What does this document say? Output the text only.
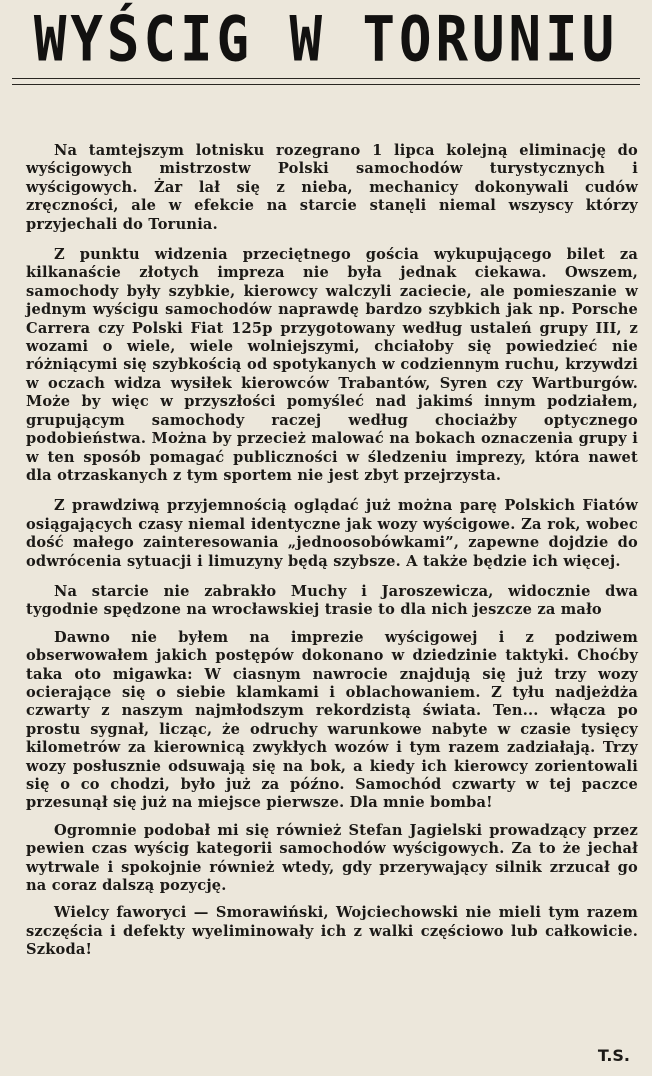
WYŚCIG W TORUNIU

Na tamtejszym lotnisku rozegrano 1 lipca kolejną eliminację do wyścigowych mistrzostw Polski samochodów turystycznych i wyścigowych. Żar lał się z nieba, mechanicy dokonywali cudów zręczności, ale w efekcie na starcie stanęli niemal wszyscy którzy przyjechali do Torunia.

Z punktu widzenia przeciętnego gościa wykupującego bilet za kilkanaście złotych impreza nie była jednak ciekawa. Owszem, samochody były szybkie, kierowcy walczyli zaciecie, ale pomieszanie w jednym wyścigu samochodów naprawdę bardzo szybkich jak np. Porsche Carrera czy Polski Fiat 125p przygotowany według ustaleń grupy III, z wozami o wiele, wiele wolniejszymi, chciałoby się powiedzieć nie różniącymi się szybkością od spotykanych w codziennym ruchu, krzywdzi w oczach widza wysiłek kierowców Trabantów, Syren czy Wartburgów. Może by więc w przyszłości pomyśleć nad jakimś innym podziałem, grupującym samochody raczej według chociażby optycznego podobieństwa. Można by przecież malować na bokach oznaczenia grupy i w ten sposób pomagać publiczności w śledzeniu imprezy, która nawet dla otrzaskanych z tym sportem nie jest zbyt przejrzysta.

Z prawdziwą przyjemnością oglądać już można parę Polskich Fiatów osiągających czasy niemal identyczne jak wozy wyścigowe. Za rok, wobec dość małego zainteresowania „jednoosobówkami”, zapewne dojdzie do odwrócenia sytuacji i limuzyny będą szybsze. A także będzie ich więcej.

Na starcie nie zabrakło Muchy i Jaroszewicza, widocznie dwa tygodnie spędzone na wrocławskiej trasie to dla nich jeszcze za mało

Dawno nie byłem na imprezie wyścigowej i z podziwem obserwowałem jakich postępów dokonano w dziedzinie taktyki. Choćby taka oto migawka: W ciasnym nawrocie znajdują się już trzy wozy ocierające się o siebie klamkami i oblachowaniem. Z tyłu nadjeżdża czwarty z naszym najmłodszym rekordzistą świata. Ten... włącza po prostu sygnał, licząc, że odruchy warunkowe nabyte w czasie tysięcy kilometrów za kierownicą zwykłych wozów i tym razem zadziałają. Trzy wozy posłusznie odsuwają się na bok, a kiedy ich kierowcy zorientowali się o co chodzi, było już za późno. Samochód czwarty w tej paczce przesunął się już na miejsce pierwsze. Dla mnie bomba!

Ogromnie podobał mi się również Stefan Jagielski prowadzący przez pewien czas wyścig kategorii samochodów wyścigowych. Za to że jechał wytrwale i spokojnie również wtedy, gdy przerywający silnik zrzucał go na coraz dalszą pozycję.

Wielcy faworyci — Smorawiński, Wojciechowski nie mieli tym razem szczęścia i defekty wyeliminowały ich z walki częściowo lub całkowicie. Szkoda!

T.S.
